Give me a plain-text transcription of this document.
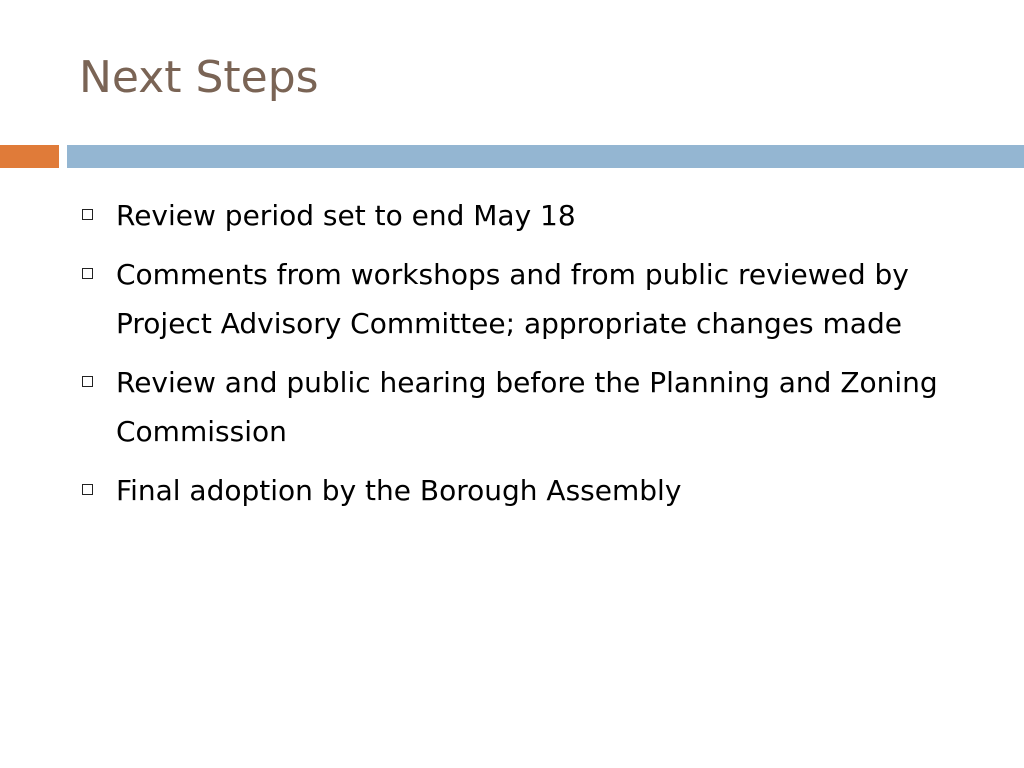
Next Steps
Review period set to end May 18
Comments from workshops and from public reviewed by Project Advisory Committee; appropriate changes made
Review and public hearing before the Planning and Zoning Commission
Final adoption by the Borough Assembly
